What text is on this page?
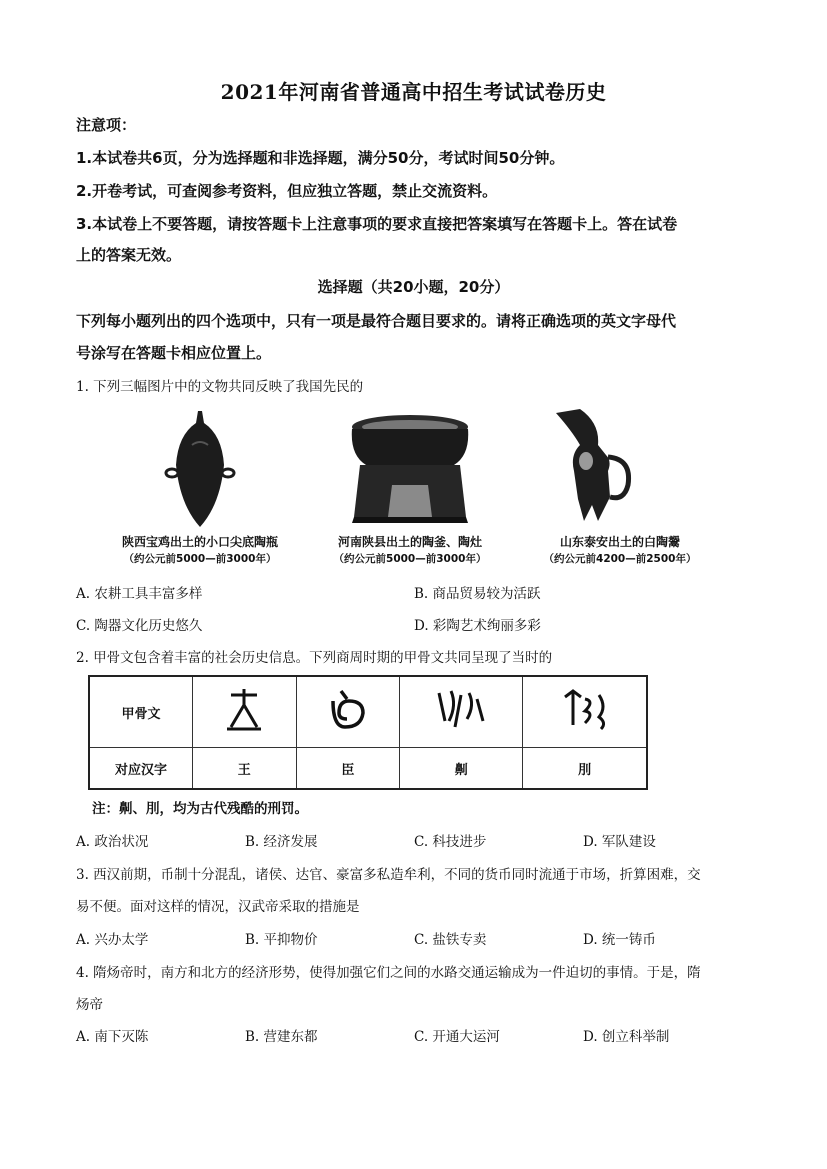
2021年河南省普通高中招生考试试卷历史
注意项：
1.本试卷共6页，分为选择题和非选择题，满分50分，考试时间50分钟。
2.开卷考试，可查阅参考资料，但应独立答题，禁止交流资料。
3.本试卷上不要答题，请按答题卡上注意事项的要求直接把答案填写在答题卡上。答在试卷
上的答案无效。
选择题（共20小题，20分）
下列每小题列出的四个选项中，只有一项是最符合题目要求的。请将正确选项的英文字母代
号涂写在答题卡相应位置上。
1. 下列三幅图片中的文物共同反映了我国先民的
陕西宝鸡出土的小口尖底陶瓶
（约公元前5000—前3000年）
河南陕县出土的陶釜、陶灶
（约公元前5000—前3000年）
山东泰安出土的白陶鬶
（约公元前4200—前2500年）
A. 农耕工具丰富多样	B. 商品贸易较为活跃
C. 陶器文化历史悠久	D. 彩陶艺术绚丽多彩
2. 甲骨文包含着丰富的社会历史信息。下列商周时期的甲骨文共同呈现了当时的
甲骨文				
对应汉字	王	臣	劓	刖
注：劓、刖，均为古代残酷的刑罚。
A. 政治状况	B. 经济发展	C. 科技进步	D. 军队建设
3. 西汉前期，币制十分混乱，诸侯、达官、豪富多私造牟利，不同的货币同时流通于市场，折算困难，交
易不便。面对这样的情况，汉武帝采取的措施是
A. 兴办太学	B. 平抑物价	C. 盐铁专卖	D. 统一铸币
4. 隋炀帝时，南方和北方的经济形势，使得加强它们之间的水路交通运输成为一件迫切的事情。于是，隋
炀帝
A. 南下灭陈	B. 营建东都	C. 开通大运河	D. 创立科举制
